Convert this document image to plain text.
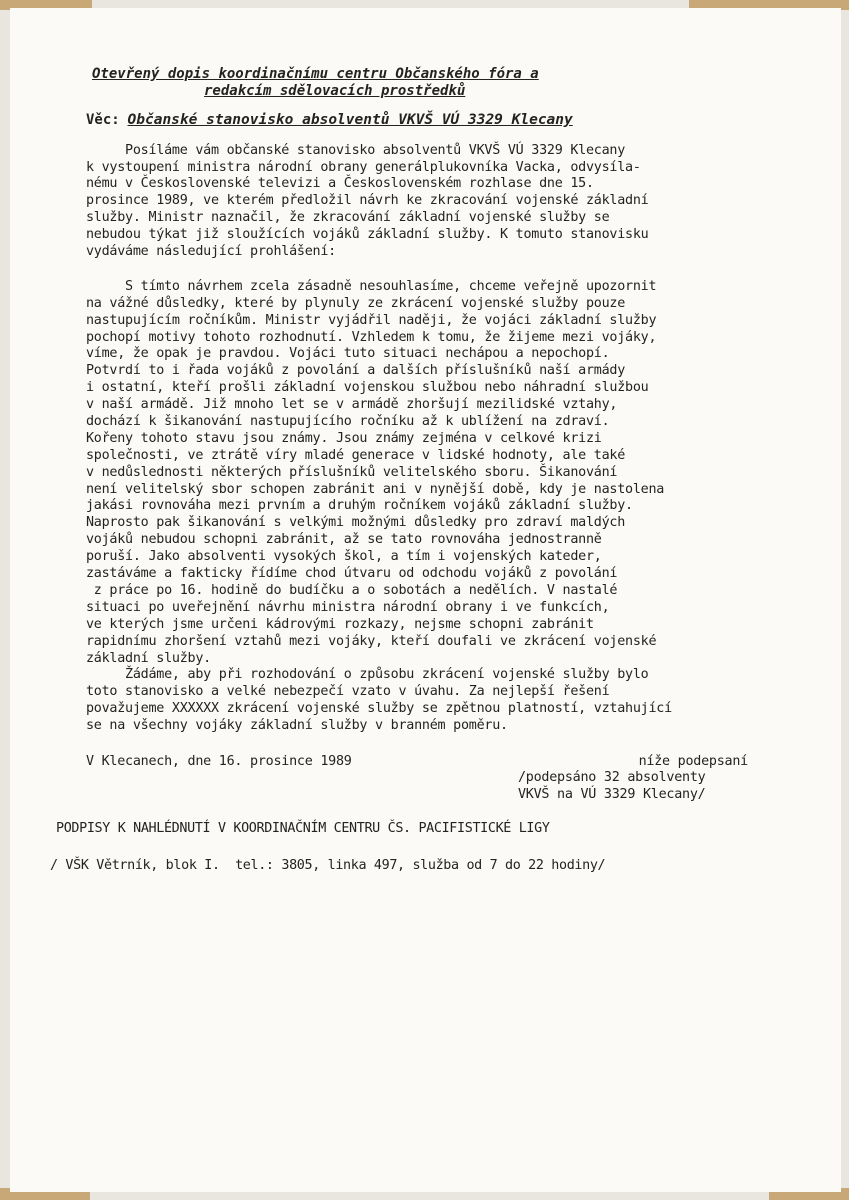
Otevřený dopis koordinačnímu centru Občanského fóra a
redakcím sdělovacích prostředků
Věc: Občanské stanovisko absolventů VKVŠ VÚ 3329 Klecany
Posíláme vám občanské stanovisko absolventů VKVŠ VÚ 3329 Klecany
k vystoupení ministra národní obrany generálplukovníka Vacka, odvysíla-
nému v Československé televizi a Československém rozhlase dne 15.
prosince 1989, ve kterém předložil návrh ke zkracování vojenské základní
služby. Ministr naznačil, že zkracování základní vojenské služby se
nebudou týkat již sloužících vojáků základní služby. K tomuto stanovisku
vydáváme následující prohlášení:
S tímto návrhem zcela zásadně nesouhlasíme, chceme veřejně upozornit
na vážné důsledky, které by plynuly ze zkrácení vojenské služby pouze
nastupujícím ročníkům. Ministr vyjádřil naději, že vojáci základní služby
pochopí motivy tohoto rozhodnutí. Vzhledem k tomu, že žijeme mezi vojáky,
víme, že opak je pravdou. Vojáci tuto situaci nechápou a nepochopí.
Potvrdí to i řada vojáků z povolání a dalších příslušníků naší armády
i ostatní, kteří prošli základní vojenskou službou nebo náhradní službou
v naší armádě. Již mnoho let se v armádě zhoršují mezilidské vztahy,
dochází k šikanování nastupujícího ročníku až k ublížení na zdraví.
Kořeny tohoto stavu jsou známy. Jsou známy zejména v celkové krizi
společnosti, ve ztrátě víry mladé generace v lidské hodnoty, ale také
v nedůslednosti některých příslušníků velitelského sboru. Šikanování
není velitelský sbor schopen zabránit ani v nynější době, kdy je nastolena
jakási rovnováha mezi prvním a druhým ročníkem vojáků základní služby.
Naprosto pak šikanování s velkými možnými důsledky pro zdraví maldých
vojáků nebudou schopni zabránit, až se tato rovnováha jednostranně
poruší. Jako absolventi vysokých škol, a tím i vojenských kateder,
zastáváme a fakticky řídíme chod útvaru od odchodu vojáků z povolání
z práce po 16. hodině do budíčku a o sobotách a nedělích. V nastalé
situaci po uveřejnění návrhu ministra národní obrany i ve funkcích,
ve kterých jsme určeni kádrovými rozkazy, nejsme schopni zabránit
rapidnímu zhoršení vztahů mezi vojáky, kteří doufali ve zkrácení vojenské
základní služby.
Žádáme, aby při rozhodování o způsobu zkrácení vojenské služby bylo
toto stanovisko a velké nebezpečí vzato v úvahu. Za nejlepší řešení
považujeme XXXXXX zkrácení vojenské služby se zpětnou platností, vztahující
se na všechny vojáky základní služby v branném poměru.
V Klecanech, dne 16. prosince 1989	níže podepsaní
/podepsáno 32 absolventy
VKVŠ na VÚ 3329 Klecany/
PODPISY K NAHLÉDNUTÍ V KOORDINAČNÍM CENTRU ČS. PACIFISTICKÉ LIGY
/ VŠK Větrník, blok I.  tel.: 3805, linka 497, služba od 7 do 22 hodiny/
